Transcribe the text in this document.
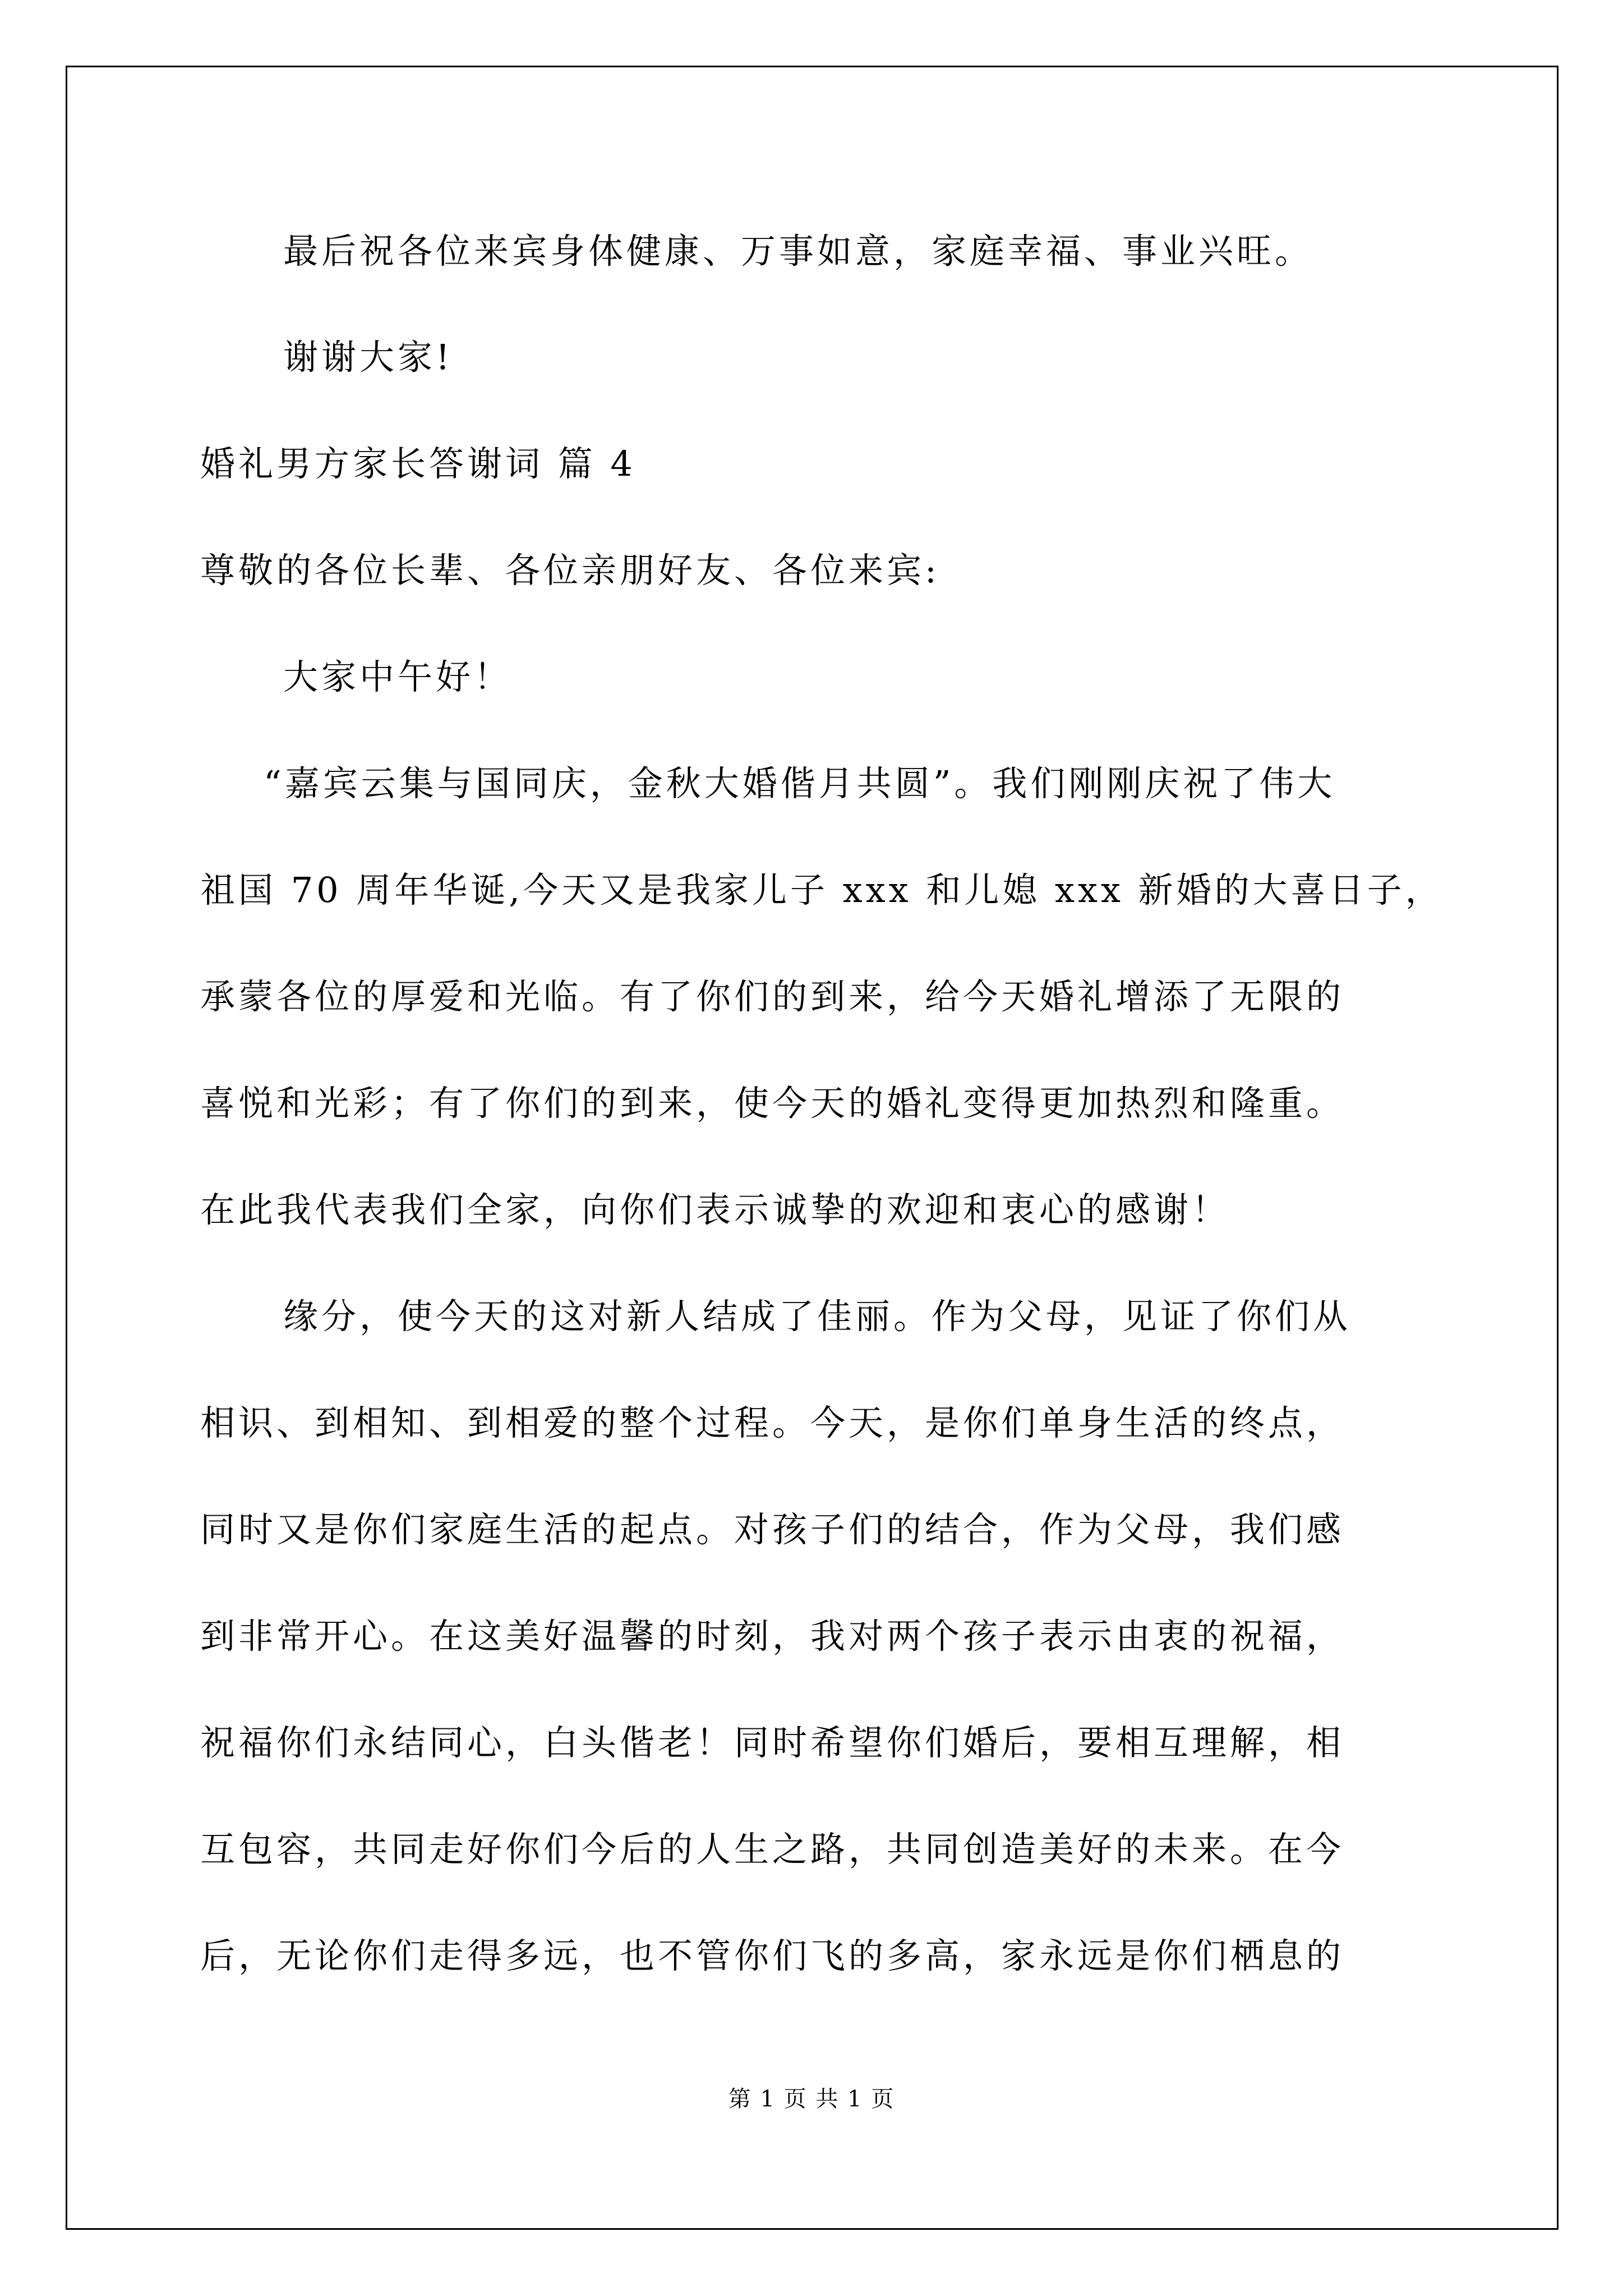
最后祝各位来宾身体健康、万事如意，家庭幸福、事业兴旺。
谢谢大家!
婚礼男方家长答谢词 篇 4
尊敬的各位长辈、各位亲朋好友、各位来宾:
大家中午好！
“嘉宾云集与国同庆，金秋大婚偕月共圆”。我们刚刚庆祝了伟大
祖国 70 周年华诞,今天又是我家儿子 xxx 和儿媳 xxx 新婚的大喜日子，
承蒙各位的厚爱和光临。有了你们的到来，给今天婚礼增添了无限的
喜悦和光彩；有了你们的到来，使今天的婚礼变得更加热烈和隆重。
在此我代表我们全家，向你们表示诚挚的欢迎和衷心的感谢！
缘分，使今天的这对新人结成了佳丽。作为父母，见证了你们从
相识、到相知、到相爱的整个过程。今天，是你们单身生活的终点，
同时又是你们家庭生活的起点。对孩子们的结合，作为父母，我们感
到非常开心。在这美好温馨的时刻，我对两个孩子表示由衷的祝福，
祝福你们永结同心，白头偕老！同时希望你们婚后，要相互理解，相
互包容，共同走好你们今后的人生之路，共同创造美好的未来。在今
后，无论你们走得多远，也不管你们飞的多高，家永远是你们栖息的
第 1 页 共 1 页
